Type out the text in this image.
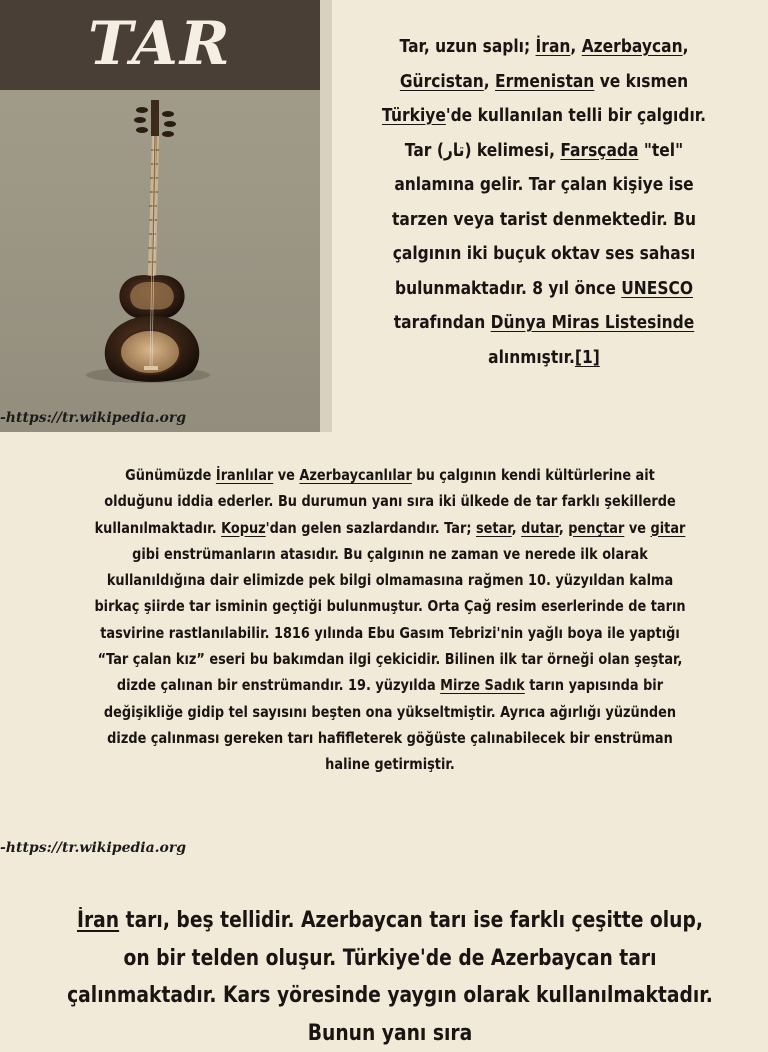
TAR
-https://tr.wikipedia.org
Tar, uzun saplı; İran, Azerbaycan, Gürcistan, Ermenistan ve kısmen Türkiye'de kullanılan telli bir çalgıdır. Tar (تار) kelimesi, Farsçada "tel" anlamına gelir. Tar çalan kişiye ise tarzen veya tarist denmektedir. Bu çalgının iki buçuk oktav ses sahası bulunmaktadır. 8 yıl önce UNESCO tarafından Dünya Miras Listesinde alınmıştır.[1]
Günümüzde İranlılar ve Azerbaycanlılar bu çalgının kendi kültürlerine ait olduğunu iddia ederler. Bu durumun yanı sıra iki ülkede de tar farklı şekillerde kullanılmaktadır. Kopuz'dan gelen sazlardandır. Tar; setar, dutar, pençtar ve gitar gibi enstrümanların atasıdır. Bu çalgının ne zaman ve nerede ilk olarak kullanıldığına dair elimizde pek bilgi olmamasına rağmen 10. yüzyıldan kalma birkaç şiirde tar isminin geçtiği bulunmuştur. Orta Çağ resim eserlerinde de tarın tasvirine rastlanılabilir. 1816 yılında Ebu Gasım Tebrizi'nin yağlı boya ile yaptığı “Tar çalan kız” eseri bu bakımdan ilgi çekicidir. Bilinen ilk tar örneği olan şeştar, dizde çalınan bir enstrümandır. 19. yüzyılda Mirze Sadık tarın yapısında bir değişikliğe gidip tel sayısını beşten ona yükseltmiştir. Ayrıca ağırlığı yüzünden dizde çalınması gereken tarı hafifleterek göğüste çalınabilecek bir enstrüman haline getirmiştir.
-https://tr.wikipedia.org
İran tarı, beş tellidir. Azerbaycan tarı ise farklı çeşitte olup, on bir telden oluşur. Türkiye'de de Azerbaycan tarı çalınmaktadır. Kars yöresinde yaygın olarak kullanılmaktadır. Bunun yanı sıra
